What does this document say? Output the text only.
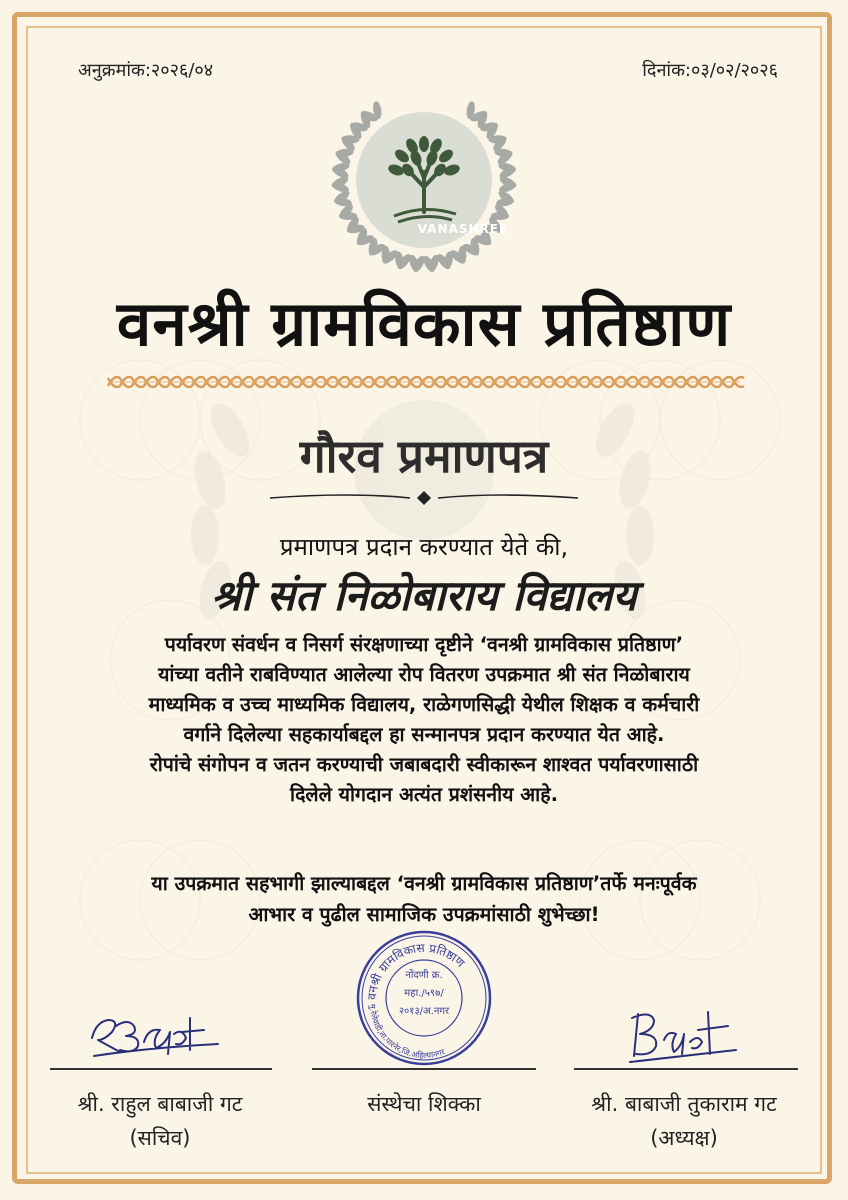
अनुक्रमांक:२०२६/०४	दिनांक:०३/०२/२०२६
VANASHREE
वनश्री ग्रामविकास प्रतिष्ठाण
गौरव प्रमाणपत्र
प्रमाणपत्र प्रदान करण्यात येते की,
श्री संत निळोबाराय विद्यालय
पर्यावरण संवर्धन व निसर्ग संरक्षणाच्या दृष्टीने ‘वनश्री ग्रामविकास प्रतिष्ठाण’
यांच्या वतीने राबविण्यात आलेल्या रोप वितरण उपक्रमात श्री संत निळोबाराय
माध्यमिक व उच्च माध्यमिक विद्यालय, राळेगणसिद्धी येथील शिक्षक व कर्मचारी
वर्गाने दिलेल्या सहकार्याबद्दल हा सन्मानपत्र प्रदान करण्यात येत आहे.
रोपांचे संगोपन व जतन करण्याची जबाबदारी स्वीकारून शाश्वत पर्यावरणासाठी
दिलेले योगदान अत्यंत प्रशंसनीय आहे.
या उपक्रमात सहभागी झाल्याबद्दल ‘वनश्री ग्रामविकास प्रतिष्ठाण’तर्फे मनःपूर्वक
आभार व पुढील सामाजिक उपक्रमांसाठी शुभेच्छा!
वनश्री ग्रामविकास प्रतिष्ठाण
मु.रेलेवाडी,ता.पारनेर,जि.अहिल्यानगर
नोंदणी क्र.
महा./५९७/
२०१३/अ.नगर
श्री. राहुल बाबाजी गट
(सचिव)
संस्थेचा शिक्का	श्री. बाबाजी तुकाराम गट
(अध्यक्ष)
